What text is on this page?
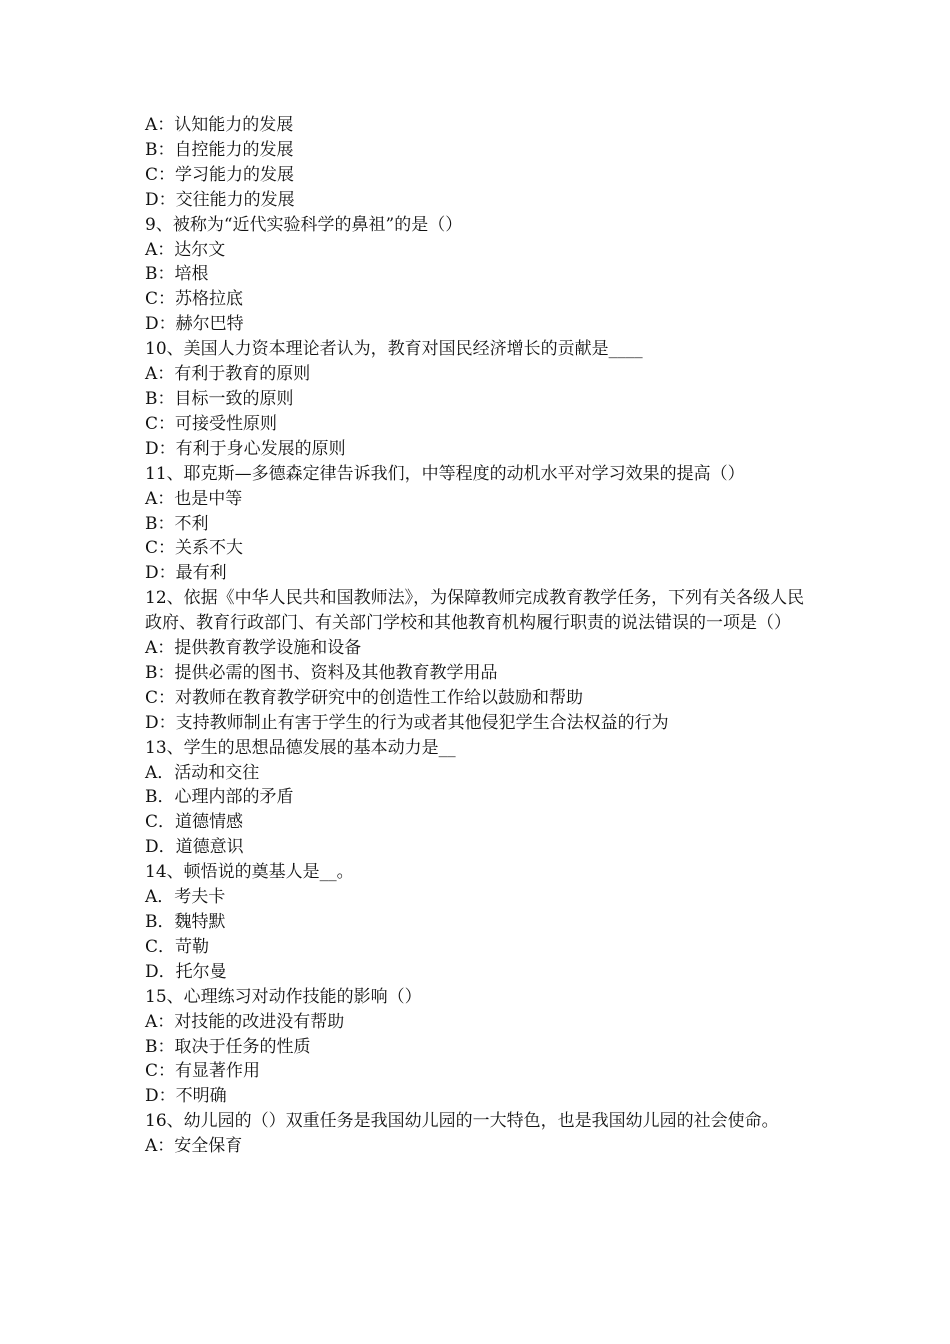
A：认知能力的发展
B：自控能力的发展
C：学习能力的发展
D：交往能力的发展
9、被称为“近代实验科学的鼻祖”的是（）
A：达尔文
B：培根
C：苏格拉底
D：赫尔巴特
10、美国人力资本理论者认为，教育对国民经济增长的贡献是____
A：有利于教育的原则
B：目标一致的原则
C：可接受性原则
D：有利于身心发展的原则
11、耶克斯—多德森定律告诉我们，中等程度的动机水平对学习效果的提高（）
A：也是中等
B：不利
C：关系不大
D：最有利
12、依据《中华人民共和国教师法》，为保障教师完成教育教学任务，下列有关各级人民政府、教育行政部门、有关部门学校和其他教育机构履行职责的说法错误的一项是（）
A：提供教育教学设施和设备
B：提供必需的图书、资料及其他教育教学用品
C：对教师在教育教学研究中的创造性工作给以鼓励和帮助
D：支持教师制止有害于学生的行为或者其他侵犯学生合法权益的行为
13、学生的思想品德发展的基本动力是__
A．活动和交往
B．心理内部的矛盾
C．道德情感
D．道德意识
14、顿悟说的奠基人是__。
A．考夫卡
B．魏特默
C．苛勒
D．托尔曼
15、心理练习对动作技能的影响（）
A：对技能的改进没有帮助
B：取决于任务的性质
C：有显著作用
D：不明确
16、幼儿园的（）双重任务是我国幼儿园的一大特色，也是我国幼儿园的社会使命。
A：安全保育
